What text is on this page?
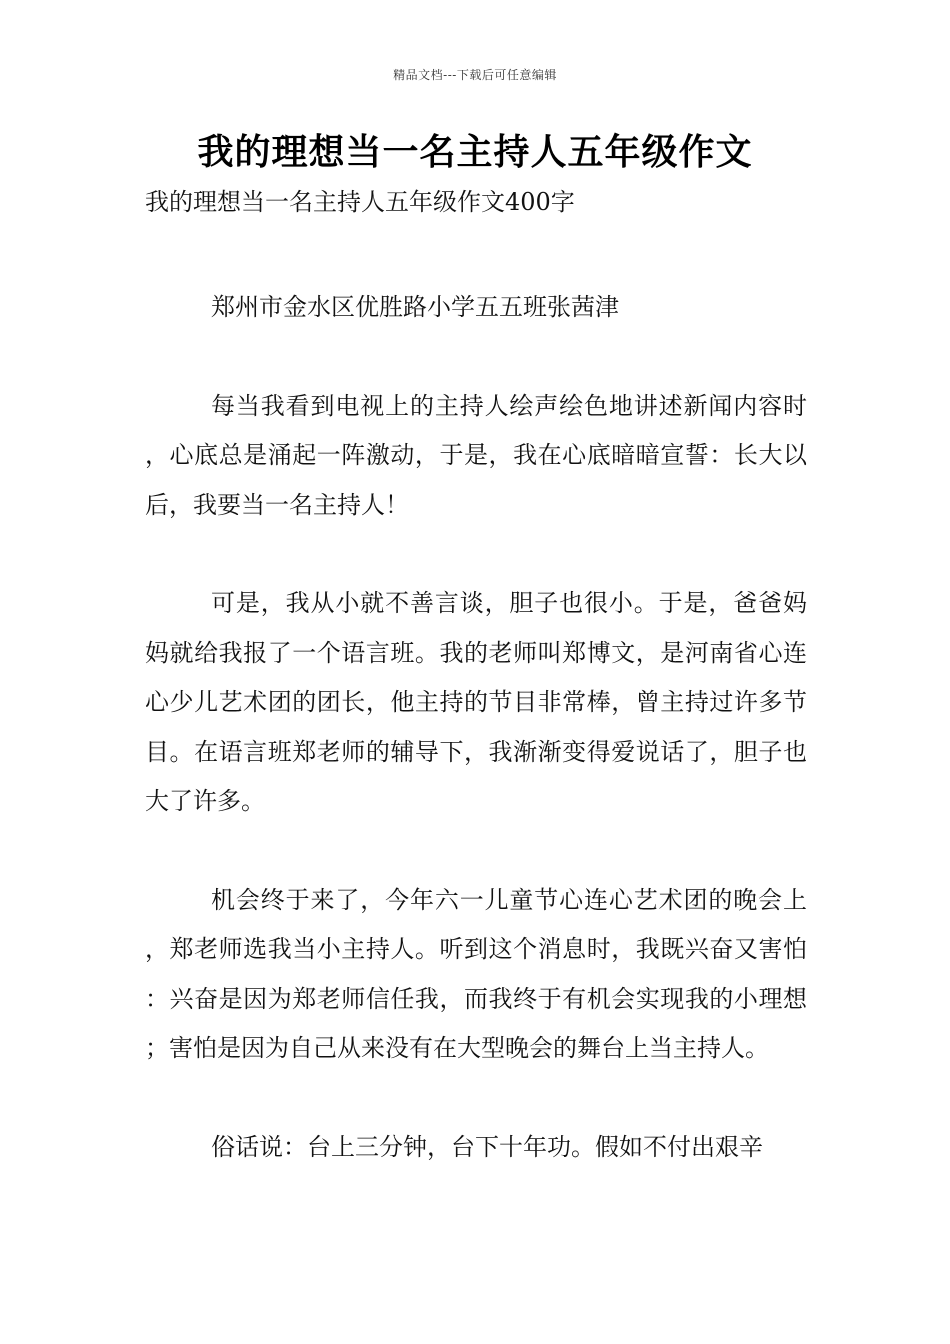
精品文档---下载后可任意编辑
我的理想当一名主持人五年级作文
我的理想当一名主持人五年级作文400字

郑州市金水区优胜路小学五五班张茜津

每当我看到电视上的主持人绘声绘色地讲述新闻内容时，心底总是涌起一阵激动，于是，我在心底暗暗宣誓：长大以后，我要当一名主持人！

可是，我从小就不善言谈，胆子也很小。于是，爸爸妈妈就给我报了一个语言班。我的老师叫郑博文，是河南省心连心少儿艺术团的团长，他主持的节目非常棒，曾主持过许多节目。在语言班郑老师的辅导下，我渐渐变得爱说话了，胆子也大了许多。

机会终于来了，今年六一儿童节心连心艺术团的晚会上，郑老师选我当小主持人。听到这个消息时，我既兴奋又害怕：兴奋是因为郑老师信任我，而我终于有机会实现我的小理想；害怕是因为自己从来没有在大型晚会的舞台上当主持人。

俗话说：台上三分钟，台下十年功。假如不付出艰辛
